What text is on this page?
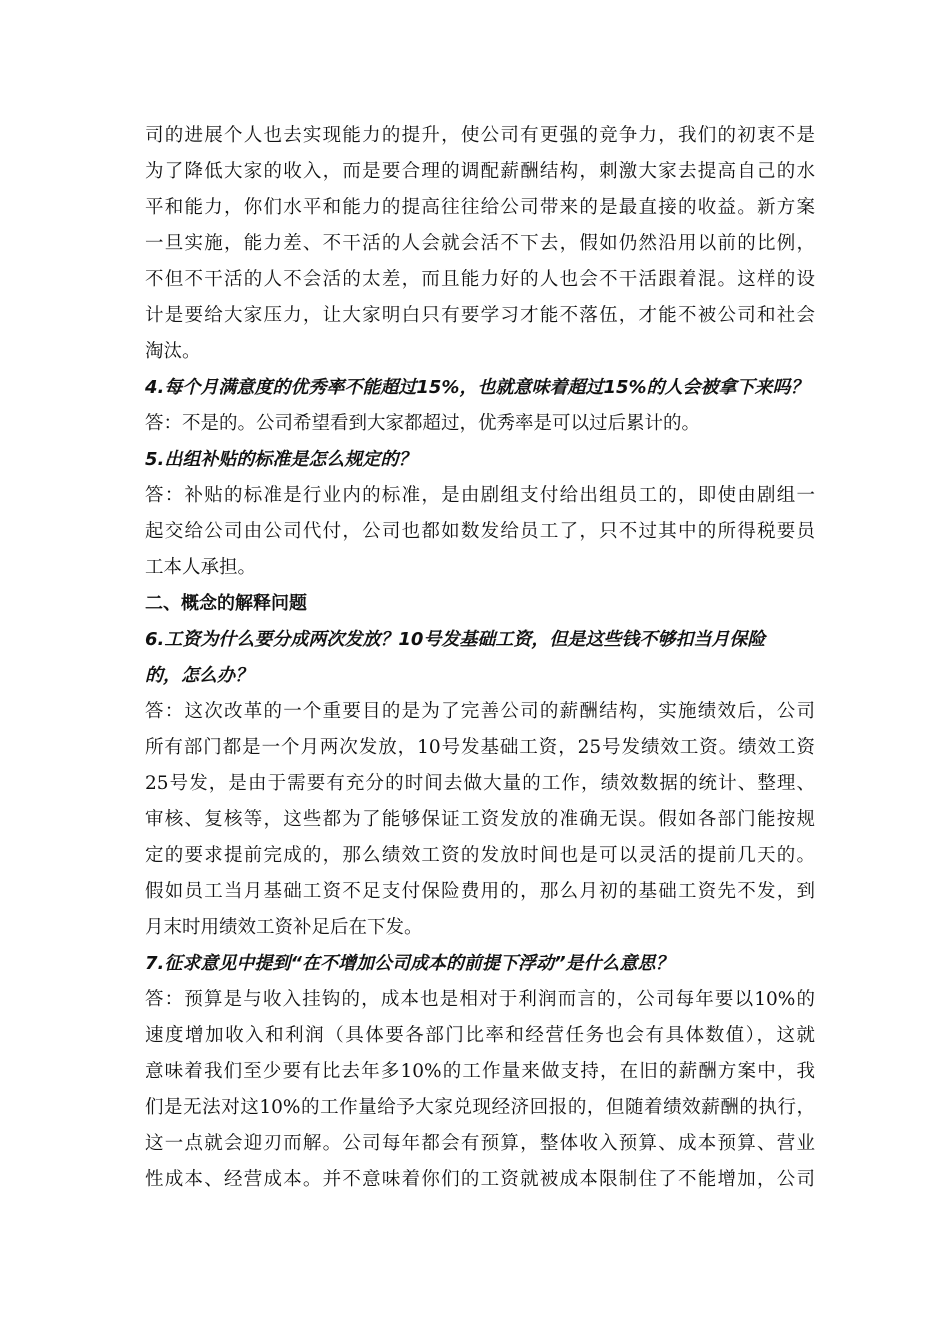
司的进展个人也去实现能力的提升，使公司有更强的竞争力，我们的初衷不是
为了降低大家的收入，而是要合理的调配薪酬结构，刺激大家去提高自己的水
平和能力，你们水平和能力的提高往往给公司带来的是最直接的收益。新方案
一旦实施，能力差、不干活的人会就会活不下去，假如仍然沿用以前的比例，
不但不干活的人不会活的太差，而且能力好的人也会不干活跟着混。这样的设
计是要给大家压力，让大家明白只有要学习才能不落伍，才能不被公司和社会
淘汰。
4.每个月满意度的优秀率不能超过15%，也就意味着超过15%的人会被拿下来吗？
答：不是的。公司希望看到大家都超过，优秀率是可以过后累计的。
5.出组补贴的标准是怎么规定的？
答：补贴的标准是行业内的标准，是由剧组支付给出组员工的，即使由剧组一
起交给公司由公司代付，公司也都如数发给员工了，只不过其中的所得税要员
工本人承担。
二、概念的解释问题
6.工资为什么要分成两次发放？10号发基础工资，但是这些钱不够扣当月保险
的，怎么办？
答：这次改革的一个重要目的是为了完善公司的薪酬结构，实施绩效后，公司
所有部门都是一个月两次发放，10号发基础工资，25号发绩效工资。绩效工资
25号发，是由于需要有充分的时间去做大量的工作，绩效数据的统计、整理、
审核、复核等，这些都为了能够保证工资发放的准确无误。假如各部门能按规
定的要求提前完成的，那么绩效工资的发放时间也是可以灵活的提前几天的。
假如员工当月基础工资不足支付保险费用的，那么月初的基础工资先不发，到
月末时用绩效工资补足后在下发。
7.征求意见中提到“在不增加公司成本的前提下浮动”是什么意思？
答：预算是与收入挂钩的，成本也是相对于利润而言的，公司每年要以10%的
速度增加收入和利润（具体要各部门比率和经营任务也会有具体数值），这就
意味着我们至少要有比去年多10%的工作量来做支持，在旧的薪酬方案中，我
们是无法对这10%的工作量给予大家兑现经济回报的，但随着绩效薪酬的执行，
这一点就会迎刃而解。公司每年都会有预算，整体收入预算、成本预算、营业
性成本、经营成本。并不意味着你们的工资就被成本限制住了不能增加，公司
